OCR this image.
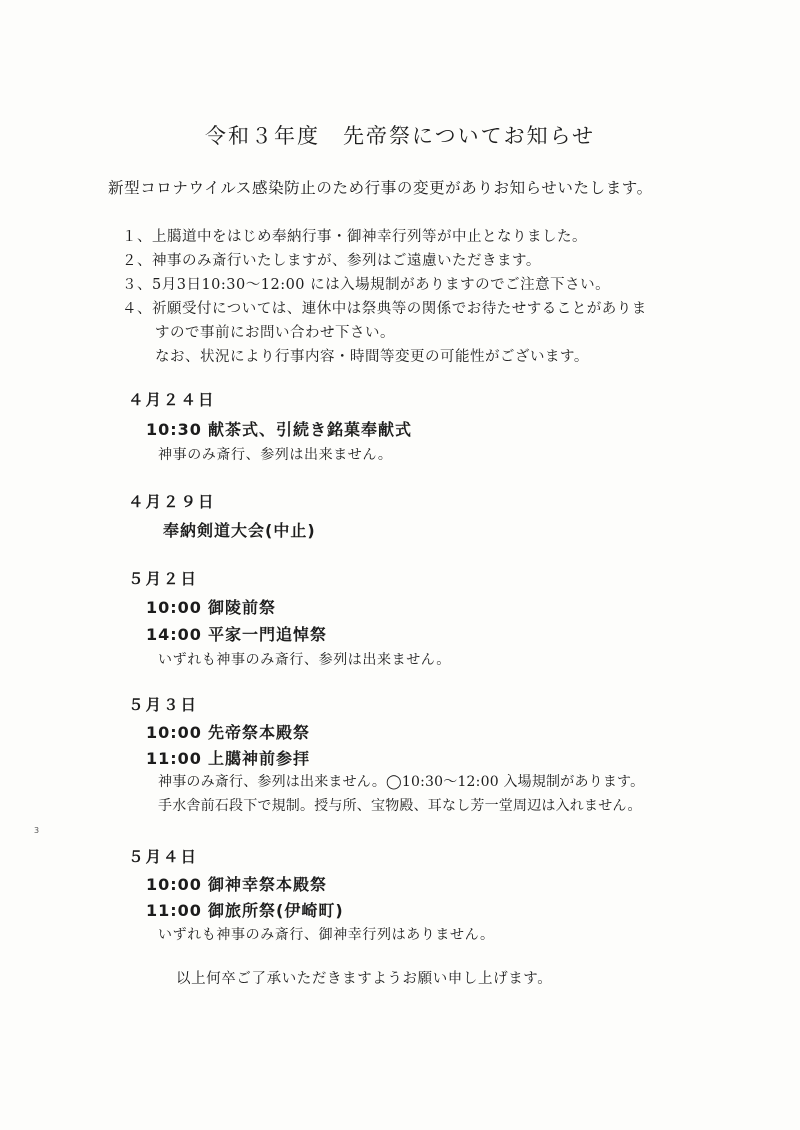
令和３年度　先帝祭についてお知らせ
新型コロナウイルス感染防止のため行事の変更がありお知らせいたします。
１、上臈道中をはじめ奉納行事・御神幸行列等が中止となりました。
２、神事のみ斎行いたしますが、参列はご遠慮いただきます。
３、5月3日10:30～12:00 には入場規制がありますのでご注意下さい。
４、祈願受付については、連休中は祭典等の関係でお待たせすることがありま
すので事前にお問い合わせ下さい。
なお、状況により行事内容・時間等変更の可能性がございます。
４月２４日
10:30 献茶式、引続き銘菓奉献式
神事のみ斎行、参列は出来ません。
４月２９日
奉納剣道大会(中止)
５月２日
10:00 御陵前祭
14:00 平家一門追悼祭
いずれも神事のみ斎行、参列は出来ません。
５月３日
10:00 先帝祭本殿祭
11:00 上臈神前参拝
神事のみ斎行、参列は出来ません。◯10:30～12:00 入場規制があります。
手水舎前石段下で規制。授与所、宝物殿、耳なし芳一堂周辺は入れません。
５月４日
10:00 御神幸祭本殿祭
11:00 御旅所祭(伊崎町)
いずれも神事のみ斎行、御神幸行列はありません。
以上何卒ご了承いただきますようお願い申し上げます。
3
